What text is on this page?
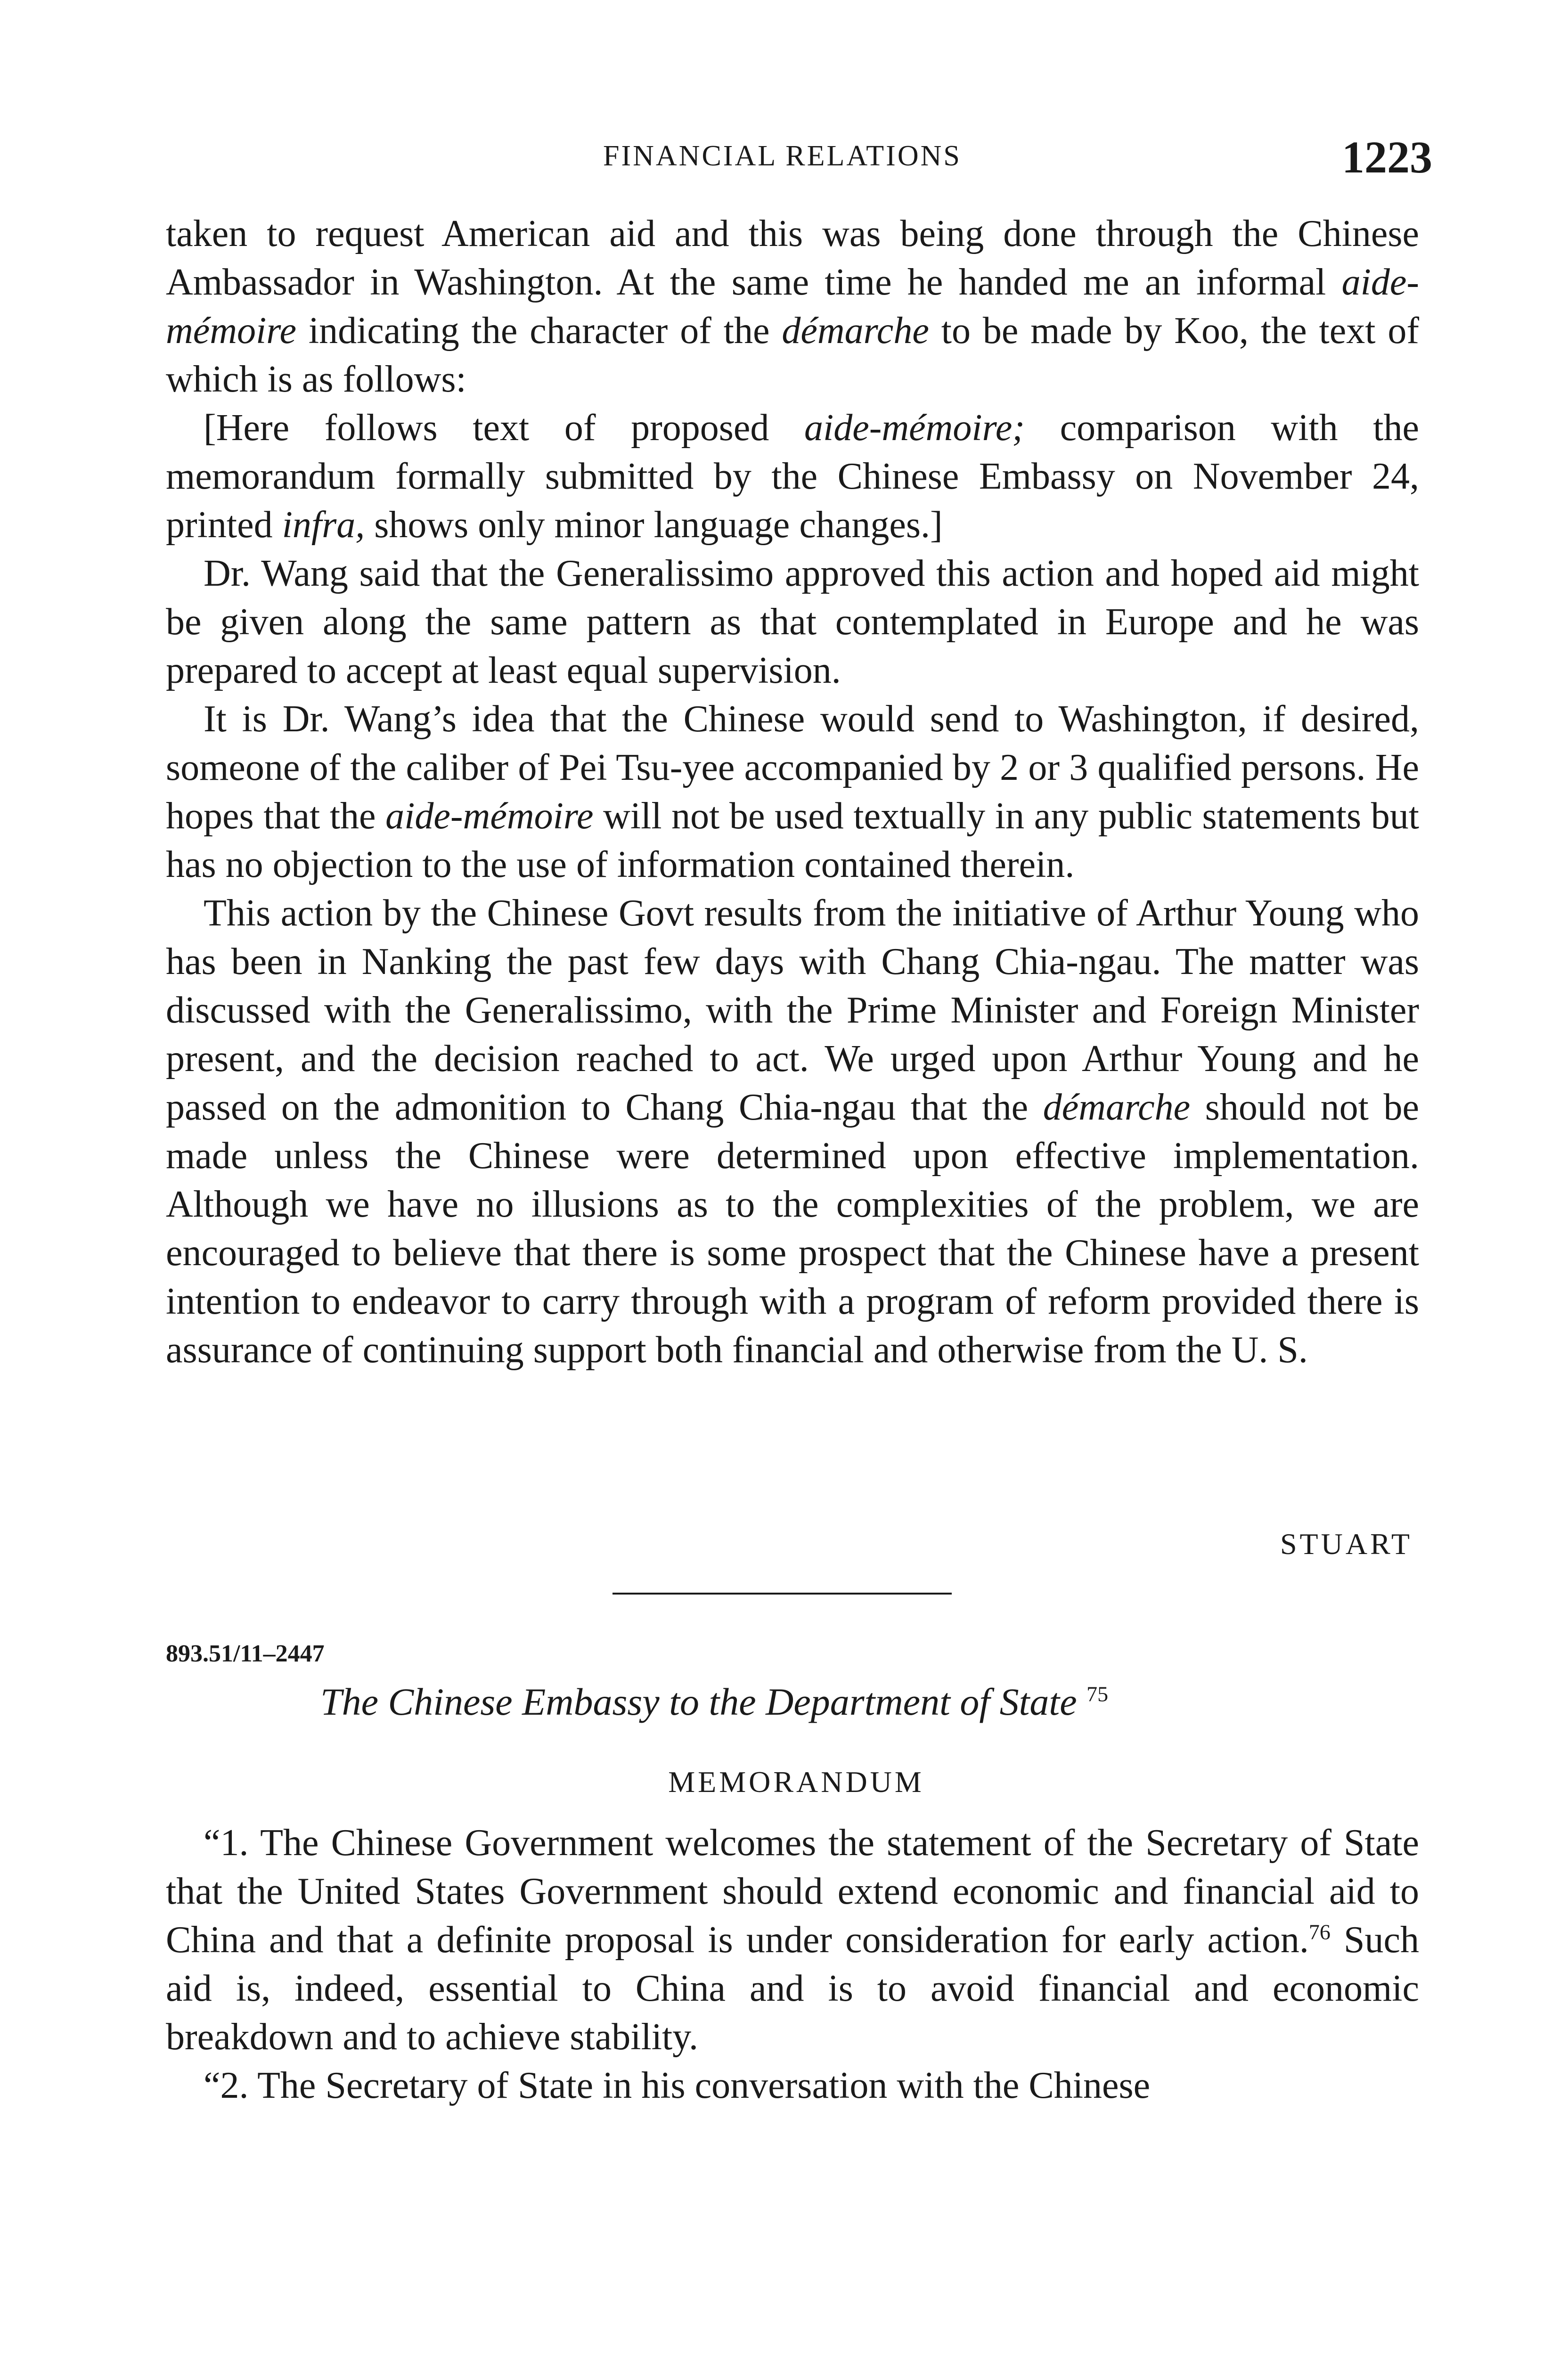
FINANCIAL RELATIONS	1223

taken to request American aid and this was being done through the Chinese Ambassador in Washington. At the same time he handed me an informal aide-mémoire indicating the character of the démarche to be made by Koo, the text of which is as follows:

[Here follows text of proposed aide-mémoire; comparison with the memorandum formally submitted by the Chinese Embassy on November 24, printed infra, shows only minor language changes.]

Dr. Wang said that the Generalissimo approved this action and hoped aid might be given along the same pattern as that contemplated in Europe and he was prepared to accept at least equal supervision.

It is Dr. Wang’s idea that the Chinese would send to Washington, if desired, someone of the caliber of Pei Tsu-yee accompanied by 2 or 3 qualified persons. He hopes that the aide-mémoire will not be used textually in any public statements but has no objection to the use of information contained therein.

This action by the Chinese Govt results from the initiative of Arthur Young who has been in Nanking the past few days with Chang Chia-ngau. The matter was discussed with the Generalissimo, with the Prime Minister and Foreign Minister present, and the decision reached to act. We urged upon Arthur Young and he passed on the admonition to Chang Chia-ngau that the démarche should not be made unless the Chinese were determined upon effective implementation. Although we have no illusions as to the complexities of the problem, we are encouraged to believe that there is some prospect that the Chinese have a present intention to endeavor to carry through with a program of reform provided there is assurance of continuing support both financial and otherwise from the U. S.

STUART
893.51/11–2447
The Chinese Embassy to the Department of State $^{75}$
MEMORANDUM

“1. The Chinese Government welcomes the statement of the Secretary of State that the United States Government should extend economic and financial aid to China and that a definite proposal is under consideration for early action.$^{76}$ Such aid is, indeed, essential to China and is to avoid financial and economic breakdown and to achieve stability.

“2. The Secretary of State in his conversation with the Chinese
